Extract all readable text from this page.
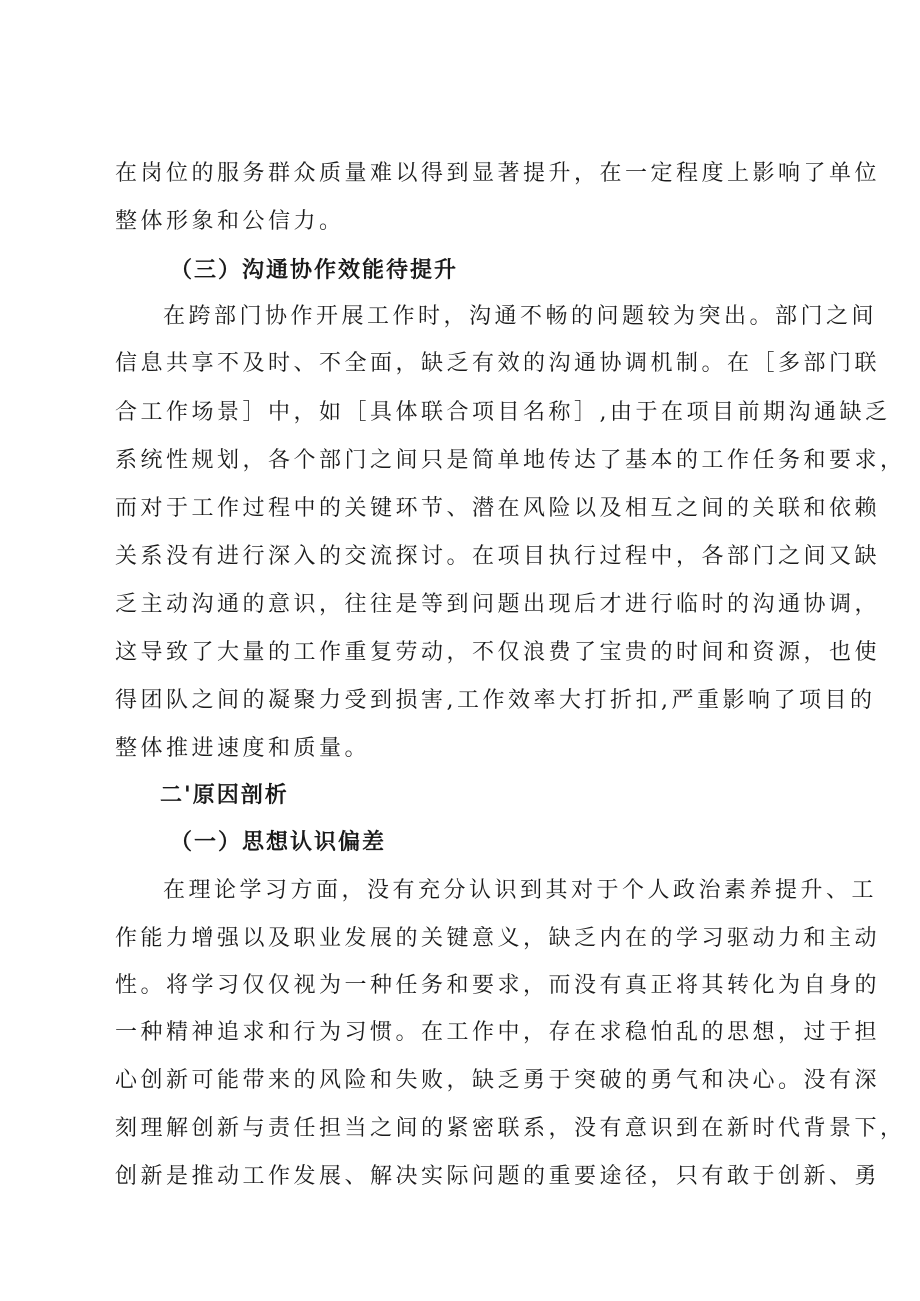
在岗位的服务群众质量难以得到显著提升，在一定程度上影响了单位
整体形象和公信力。
（三）沟通协作效能待提升
在跨部门协作开展工作时，沟通不畅的问题较为突出。部门之间
信息共享不及时、不全面，缺乏有效的沟通协调机制。在［多部门联
合工作场景］中，如［具体联合项目名称］,由于在项目前期沟通缺乏
系统性规划，各个部门之间只是简单地传达了基本的工作任务和要求，
而对于工作过程中的关键环节、潜在风险以及相互之间的关联和依赖
关系没有进行深入的交流探讨。在项目执行过程中，各部门之间又缺
乏主动沟通的意识，往往是等到问题出现后才进行临时的沟通协调，
这导致了大量的工作重复劳动，不仅浪费了宝贵的时间和资源，也使
得团队之间的凝聚力受到损害,工作效率大打折扣,严重影响了项目的
整体推进速度和质量。
二'原因剖析
（一）思想认识偏差
在理论学习方面，没有充分认识到其对于个人政治素养提升、工
作能力增强以及职业发展的关键意义，缺乏内在的学习驱动力和主动
性。将学习仅仅视为一种任务和要求，而没有真正将其转化为自身的
一种精神追求和行为习惯。在工作中，存在求稳怕乱的思想，过于担
心创新可能带来的风险和失败，缺乏勇于突破的勇气和决心。没有深
刻理解创新与责任担当之间的紧密联系，没有意识到在新时代背景下，
创新是推动工作发展、解决实际问题的重要途径，只有敢于创新、勇
